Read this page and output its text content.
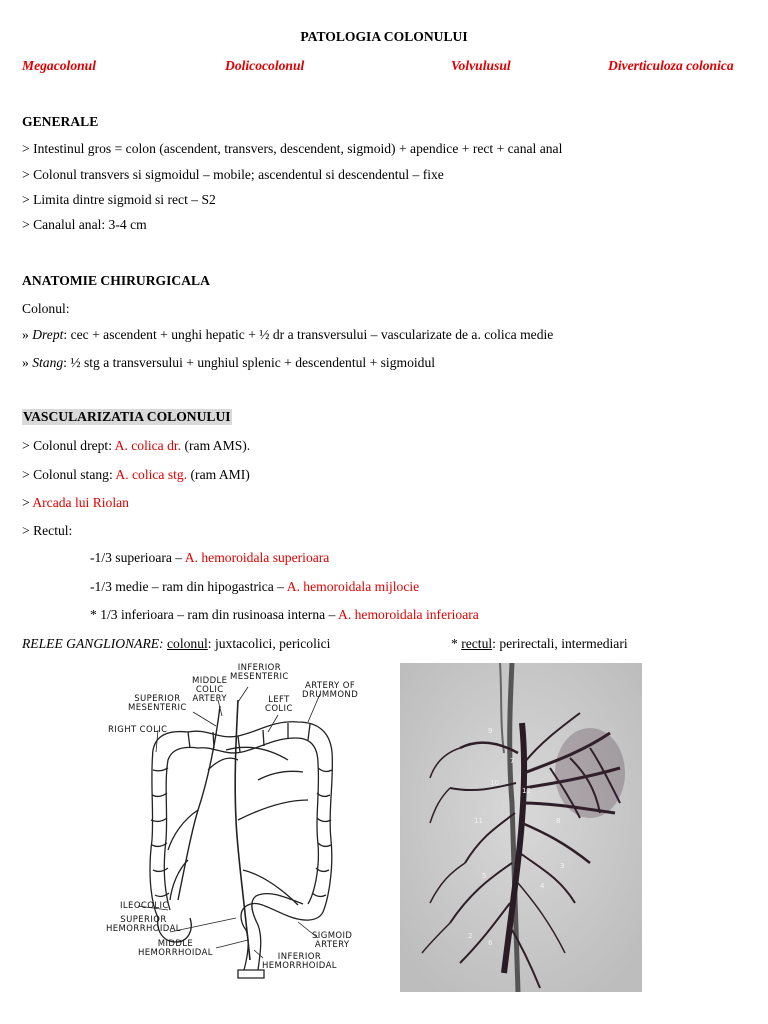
PATOLOGIA COLONULUI
Megacolonul	Dolicocolonul	Volvulusul	Diverticuloza colonica
GENERALE
> Intestinul gros = colon (ascendent, transvers, descendent, sigmoid) + apendice + rect + canal anal
> Colonul transvers si sigmoidul – mobile; ascendentul si descendentul – fixe
> Limita dintre sigmoid si rect – S2
> Canalul anal: 3-4 cm
ANATOMIE CHIRURGICALA
Colonul:
» Drept: cec + ascendent + unghi hepatic + ½ dr a transversului – vascularizate de a. colica medie
» Stang: ½ stg a transversului + unghiul splenic + descendentul + sigmoidul
VASCULARIZATIA COLONULUI
> Colonul drept: A. colica dr. (ram AMS).
> Colonul stang: A. colica stg. (ram AMI)
> Arcada lui Riolan
> Rectul:
-1/3 superioara – A. hemoroidala superioara
-1/3 medie – ram din hipogastrica – A. hemoroidala mijlocie
* 1/3 inferioara – ram din rusinoasa interna – A. hemoroidala inferioara
RELEE GANGLIONARE: colonul: juxtacolici, pericolici	* rectul: perirectali, intermediari
INFERIOR
MESENTERIC
MIDDLE
COLIC
ARTERY
ARTERY OF
DRUMMOND
SUPERIOR
MESENTERIC
LEFT
COLIC
RIGHT COLIC
ILEOCOLIC
SUPERIOR
HEMORRHOIDAL
MIDDLE
HEMORRHOIDAL	INFERIOR
HEMORRHOIDAL
SIGMOID
ARTERY
9
7
10
12
11	8
5
4
3
2
6
